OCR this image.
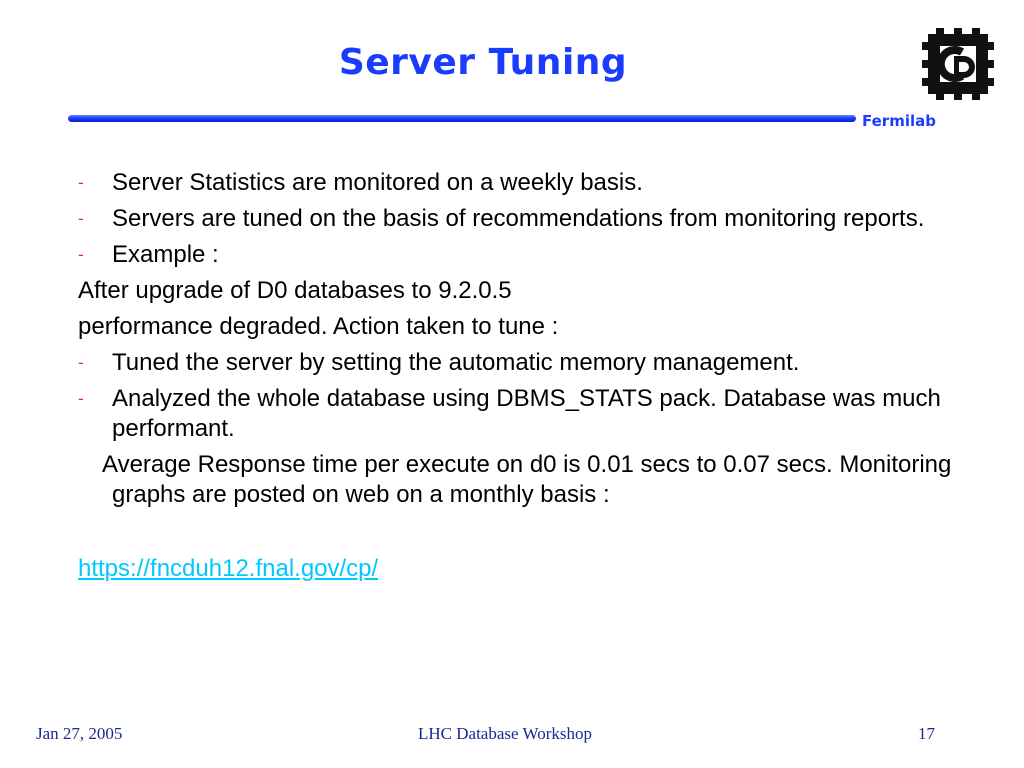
Server Tuning
Fermilab
-	Server Statistics are monitored on a weekly basis.
-	Servers are tuned on the basis of recommendations from monitoring reports.
-	Example :
After upgrade of D0 databases to 9.2.0.5
performance degraded. Action taken to tune :
-	Tuned the server by setting the automatic memory management.
-	Analyzed the whole database using DBMS_STATS pack. Database was much performant.
Average Response time per execute on d0 is 0.01 secs to 0.07 secs. Monitoring graphs are posted on web on a monthly basis :
https://fncduh12.fnal.gov/cp/
Jan 27, 2005	LHC Database Workshop	17
